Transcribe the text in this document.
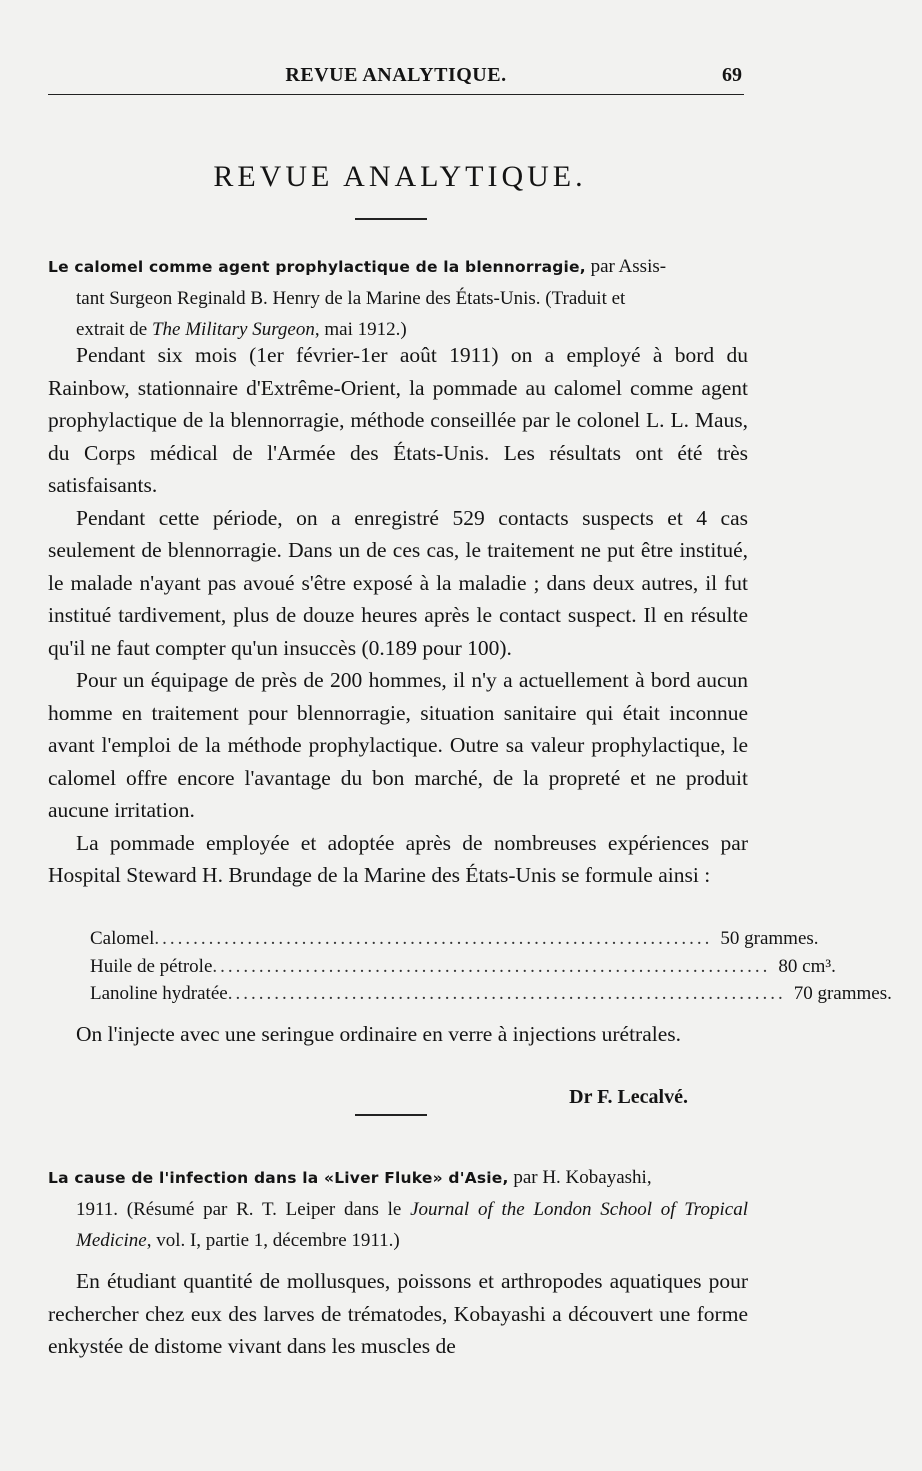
REVUE ANALYTIQUE.	69
REVUE ANALYTIQUE.
Le calomel comme agent prophylactique de la blennorragie, par Assis-
tant Surgeon Reginald B. Henry de la Marine des États-Unis. (Traduit et
extrait de The Military Surgeon, mai 1912.)

Pendant six mois (1er février-1er août 1911) on a employé à bord du Rainbow, stationnaire d'Extrême-Orient, la pommade au calomel comme agent prophylactique de la blennorragie, méthode conseillée par le colonel L. L. Maus, du Corps médical de l'Armée des États-Unis. Les résultats ont été très satisfaisants.

Pendant cette période, on a enregistré 529 contacts suspects et 4 cas seulement de blennorragie. Dans un de ces cas, le traitement ne put être institué, le malade n'ayant pas avoué s'être exposé à la maladie ; dans deux autres, il fut institué tardivement, plus de douze heures après le contact suspect. Il en résulte qu'il ne faut compter qu'un insuccès (0.189 pour 100).

Pour un équipage de près de 200 hommes, il n'y a actuellement à bord aucun homme en traitement pour blennorragie, situation sanitaire qui était inconnue avant l'emploi de la méthode prophylactique. Outre sa valeur prophylactique, le calomel offre encore l'avantage du bon marché, de la propreté et ne produit aucune irritation.

La pommade employée et adoptée après de nombreuses expériences par Hospital Steward H. Brundage de la Marine des États-Unis se formule ainsi :

Calomel ........................................................................ 50 grammes.
Huile de pétrole ........................................................................ 80 cm³.
Lanoline hydratée ........................................................................ 70 grammes.

On l'injecte avec une seringue ordinaire en verre à injections urétrales.

Dr F. Lecalvé.
La cause de l'infection dans la «Liver Fluke» d'Asie, par H. Kobayashi,
1911. (Résumé par R. T. Leiper dans le Journal of the London School of Tropical Medicine, vol. I, partie 1, décembre 1911.)

En étudiant quantité de mollusques, poissons et arthropodes aquatiques pour rechercher chez eux des larves de trématodes, Kobayashi a découvert une forme enkystée de distome vivant dans les muscles de
